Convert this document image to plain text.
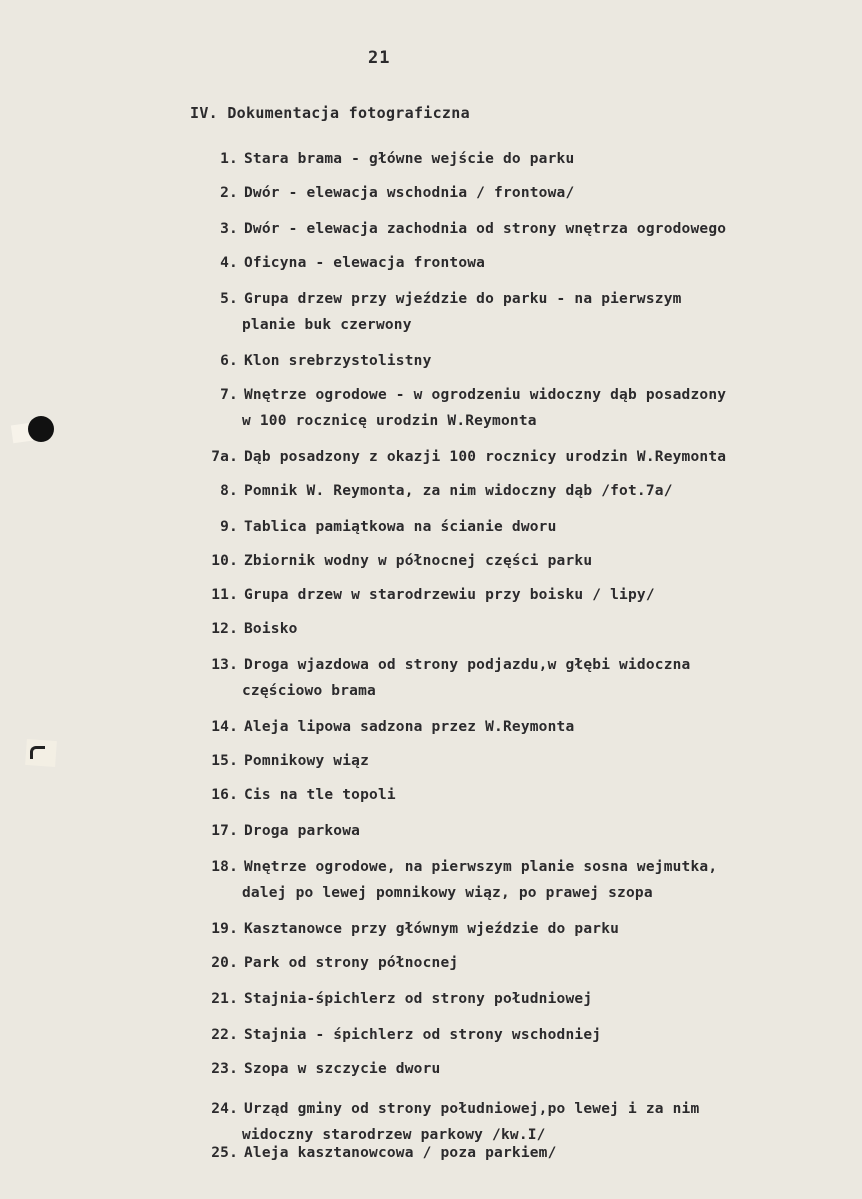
21
IV. Dokumentacja fotograficzna
1. Stara brama - główne wejście do parku
2. Dwór - elewacja wschodnia / frontowa/
3. Dwór - elewacja zachodnia od strony wnętrza ogrodowego
4. Oficyna - elewacja frontowa
5. Grupa drzew przy wjeździe do parku - na pierwszym
planie buk czerwony
6. Klon srebrzystolistny
7. Wnętrze ogrodowe - w ogrodzeniu widoczny dąb posadzony
w 100 rocznicę urodzin W.Reymonta
7a. Dąb posadzony z okazji 100 rocznicy urodzin W.Reymonta
8. Pomnik W. Reymonta, za nim widoczny dąb /fot.7a/
9. Tablica pamiątkowa na ścianie dworu
10. Zbiornik wodny w północnej części parku
11. Grupa drzew w starodrzewiu przy boisku / lipy/
12. Boisko
13. Droga wjazdowa od strony podjazdu,w głębi widoczna
częściowo brama
14. Aleja lipowa sadzona przez W.Reymonta
15. Pomnikowy wiąz
16. Cis na tle topoli
17. Droga parkowa
18. Wnętrze ogrodowe, na pierwszym planie sosna wejmutka,
dalej po lewej pomnikowy wiąz, po prawej szopa
19. Kasztanowce przy głównym wjeździe do parku
20. Park od strony północnej
21. Stajnia-śpichlerz od strony południowej
22. Stajnia - śpichlerz od strony wschodniej
23. Szopa w szczycie dworu
24. Urząd gminy od strony południowej,po lewej i za nim
widoczny starodrzew parkowy /kw.I/
25. Aleja kasztanowcowa / poza parkiem/
